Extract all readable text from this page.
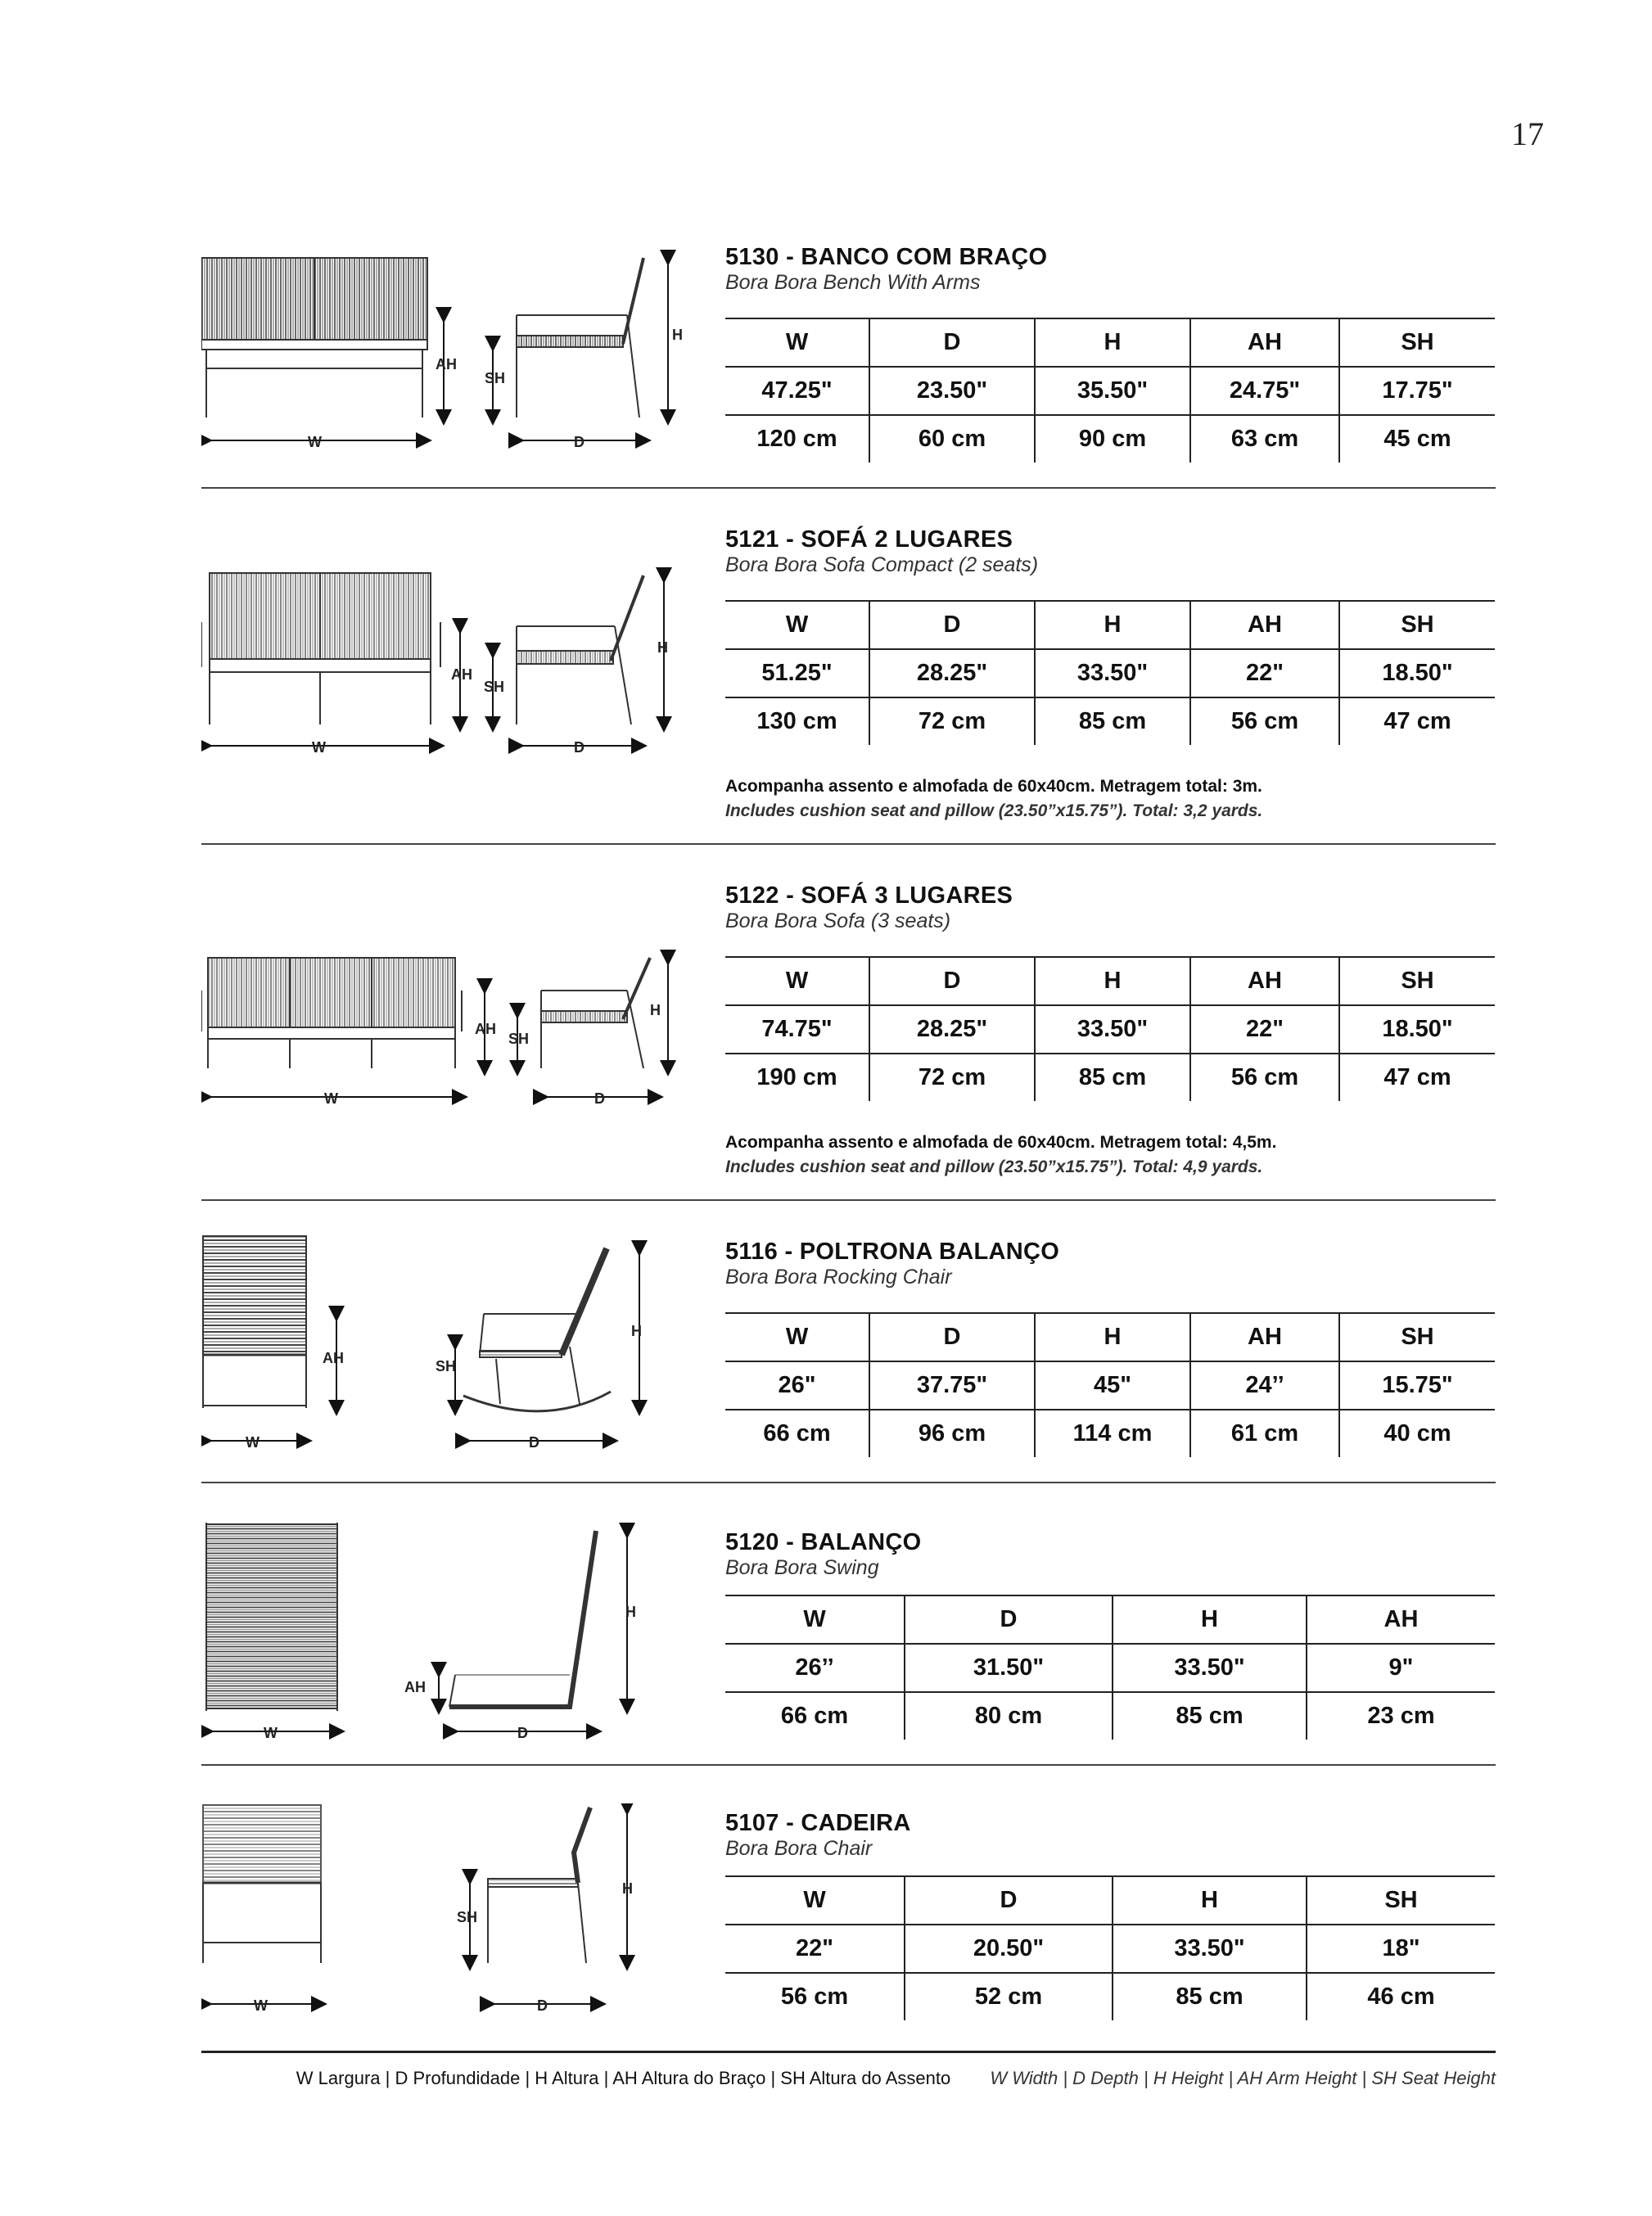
17
AH
SH
H
W	D

5130 - BANCO COM BRAÇO

Bora Bora Bench With Arms

W	D	H	AH	SH
47.25"	23.50"	35.50"	24.75"	17.75"
120 cm	60 cm	90 cm	63 cm	45 cm
AH
SH
H
W	D

5121 - SOFÁ 2 LUGARES

Bora Bora Sofa Compact (2 seats)

W	D	H	AH	SH
51.25"	28.25"	33.50"	22"	18.50"
130 cm	72 cm	85 cm	56 cm	47 cm

Acompanha assento e almofada de 60x40cm. Metragem total: 3m.

Includes cushion seat and pillow (23.50”x15.75”). Total: 3,2 yards.

AH
SH
H
W	D

5122 - SOFÁ 3 LUGARES

Bora Bora Sofa (3 seats)

W	D	H	AH	SH
74.75"	28.25"	33.50"	22"	18.50"
190 cm	72 cm	85 cm	56 cm	47 cm

Acompanha assento e almofada de 60x40cm. Metragem total: 4,5m.

Includes cushion seat and pillow (23.50”x15.75”). Total: 4,9 yards.

AH	SH
H
W	D

5116 - POLTRONA BALANÇO

Bora Bora Rocking Chair

W	D	H	AH	SH
26"	37.75"	45"	24’’	15.75"
66 cm	96 cm	114 cm	61 cm	40 cm
AH
H
W	D

5120 - BALANÇO

Bora Bora Swing

W	D	H	AH
26’’	31.50"	33.50"	9"
66 cm	80 cm	85 cm	23 cm
SH
H
W	D

5107 - CADEIRA

Bora Bora Chair

W	D	H	SH
22"	20.50"	33.50"	18"
56 cm	52 cm	85 cm	46 cm
W Largura | D Profundidade | H Altura | AH Altura do Braço | SH Altura do Assento W Width | D Depth | H Height | AH Arm Height | SH Seat Height
